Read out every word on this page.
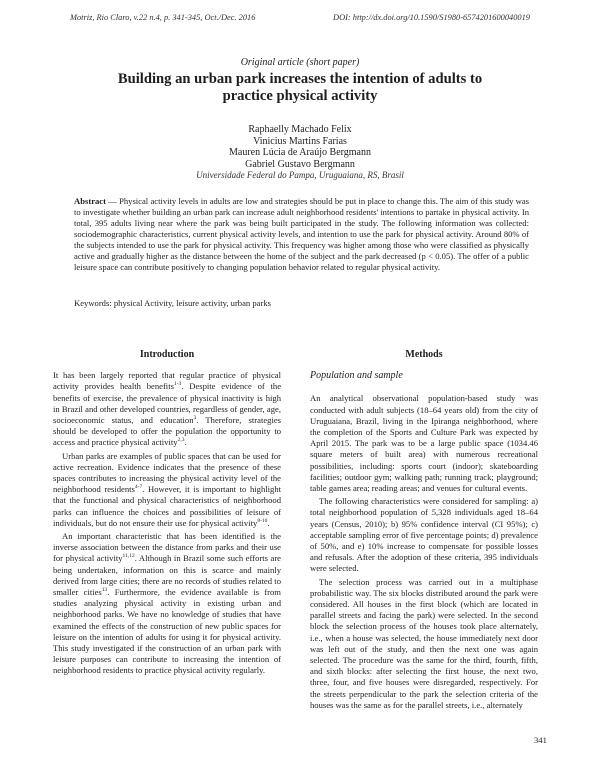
Motriz, Rio Claro, v.22 n.4, p. 341-345, Oct./Dec. 2016	DOI: http://dx.doi.org/10.1590/S1980-6574201600040019
Original article (short paper)
Building an urban park increases the intention of adults to practice physical activity
Raphaelly Machado Felix
Vinicius Martins Farias
Mauren Lúcia de Araújo Bergmann
Gabriel Gustavo Bergmann
Universidade Federal do Pampa, Uruguaiana, RS, Brasil
Abstract — Physical activity levels in adults are low and strategies should be put in place to change this. The aim of this study was to investigate whether building an urban park can increase adult neighborhood residents' intentions to partake in physical activity. In total, 395 adults living near where the park was being built participated in the study. The following information was collected: sociodemographic characteristics, current physical activity levels, and intention to use the park for physical activity. Around 80% of the subjects intended to use the park for physical activity. This frequency was higher among those who were classified as physically active and gradually higher as the distance between the home of the subject and the park decreased (p < 0.05). The offer of a public leisure space can contribute positively to changing population behavior related to regular physical activity.
Keywords: physical Activity, leisure activity, urban parks
Introduction

It has been largely reported that regular practice of physical activity provides health benefits$^{1-3}$. Despite evidence of the benefits of exercise, the prevalence of physical inactivity is high in Brazil and other developed countries, regardless of gender, age, socioeconomic status, and education$^3$. Therefore, strategies should be developed to offer the population the opportunity to access and practice physical activity$^{2,3}$.

Urban parks are examples of public spaces that can be used for active recreation. Evidence indicates that the presence of these spaces contributes to increasing the physical activity level of the neighborhood residents$^{4-7}$. However, it is important to highlight that the functional and physical characteristics of neighborhood parks can influence the choices and possibilities of leisure of individuals, but do not ensure their use for physical activity$^{8-10}$.

An important characteristic that has been identified is the inverse association between the distance from parks and their use for physical activity$^{11,12}$. Although in Brazil some such efforts are being undertaken, information on this is scarce and mainly derived from large cities; there are no records of studies related to smaller cities$^{13}$. Furthermore, the evidence available is from studies analyzing physical activity in existing urban and neighborhood parks. We have no knowledge of studies that have examined the effects of the construction of new public spaces for leisure on the intention of adults for using it for physical activity. This study investigated if the construction of an urban park with leisure purposes can contribute to increasing the intention of neighborhood residents to practice physical activity regularly.

Methods
Population and sample

An analytical observational population-based study was conducted with adult subjects (18–64 years old) from the city of Uruguaiana, Brazil, living in the Ipiranga neighborhood, where the completion of the Sports and Culture Park was expected by April 2015. The park was to be a large public space (1034.46 square meters of built area) with numerous recreational possibilities, including: sports court (indoor); skateboarding facilities; outdoor gym; walking path; running track; playground; table games area; reading areas; and venues for cultural events.

The following characteristics were considered for sampling: a) total neighborhood population of 5,328 individuals aged 18–64 years (Census, 2010); b) 95% confidence interval (CI 95%); c) acceptable sampling error of five percentage points; d) prevalence of 50%, and e) 10% increase to compensate for possible losses and refusals. After the adoption of these criteria, 395 individuals were selected.

The selection process was carried out in a multiphase probabilistic way. The six blocks distributed around the park were considered. All houses in the first block (which are located in parallel streets and facing the park) were selected. In the second block the selection process of the houses took place alternately, i.e., when a house was selected, the house immediately next door was left out of the study, and then the next one was again selected. The procedure was the same for the third, fourth, fifth, and sixth blocks: after selecting the first house, the next two, three, four, and five houses were disregarded, respectively. For the streets perpendicular to the park the selection criteria of the houses was the same as for the parallel streets, i.e., alternately

341
